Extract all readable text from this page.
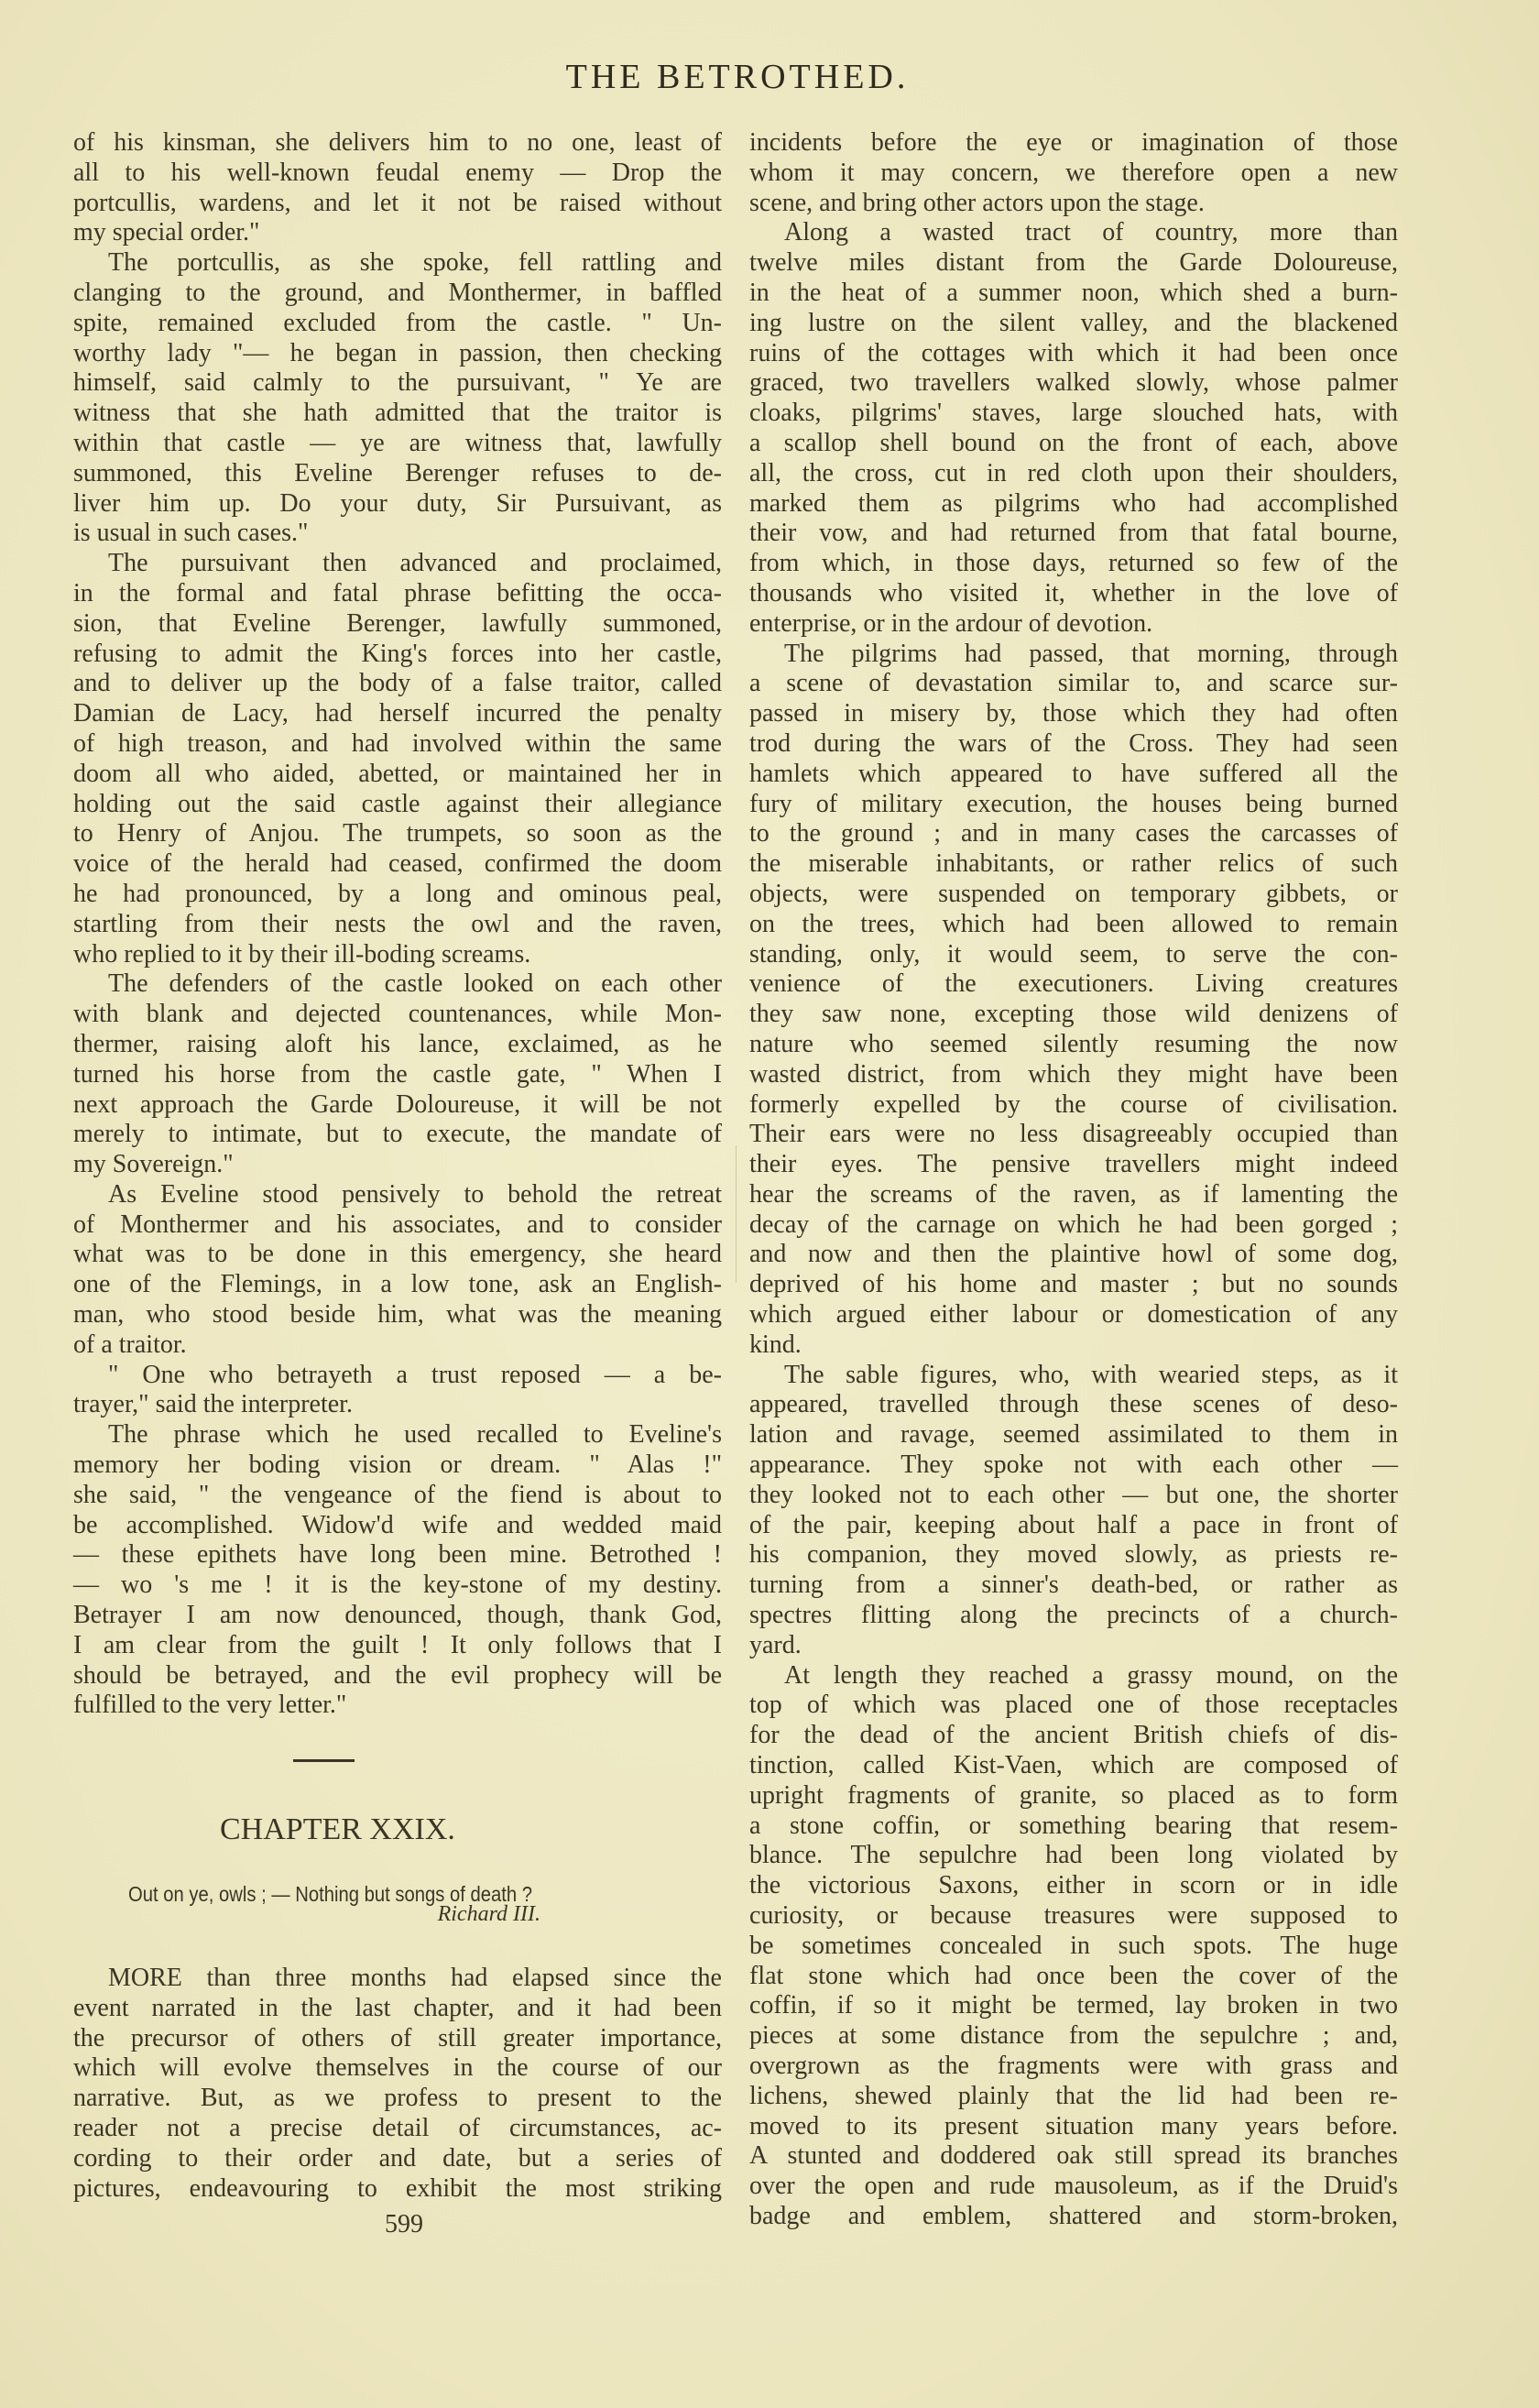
THE BETROTHED.
of his kinsman, she delivers him to no one, least of
all to his well-known feudal enemy — Drop the
portcullis, wardens, and let it not be raised without
my special order."
The portcullis, as she spoke, fell rattling and
clanging to the ground, and Monthermer, in baffled
spite, remained excluded from the castle. " Un-
worthy lady "— he began in passion, then checking
himself, said calmly to the pursuivant, " Ye are
witness that she hath admitted that the traitor is
within that castle — ye are witness that, lawfully
summoned, this Eveline Berenger refuses to de-
liver him up. Do your duty, Sir Pursuivant, as
is usual in such cases."
The pursuivant then advanced and proclaimed,
in the formal and fatal phrase befitting the occa-
sion, that Eveline Berenger, lawfully summoned,
refusing to admit the King's forces into her castle,
and to deliver up the body of a false traitor, called
Damian de Lacy, had herself incurred the penalty
of high treason, and had involved within the same
doom all who aided, abetted, or maintained her in
holding out the said castle against their allegiance
to Henry of Anjou. The trumpets, so soon as the
voice of the herald had ceased, confirmed the doom
he had pronounced, by a long and ominous peal,
startling from their nests the owl and the raven,
who replied to it by their ill-boding screams.
The defenders of the castle looked on each other
with blank and dejected countenances, while Mon-
thermer, raising aloft his lance, exclaimed, as he
turned his horse from the castle gate, " When I
next approach the Garde Doloureuse, it will be not
merely to intimate, but to execute, the mandate of
my Sovereign."
As Eveline stood pensively to behold the retreat
of Monthermer and his associates, and to consider
what was to be done in this emergency, she heard
one of the Flemings, in a low tone, ask an English-
man, who stood beside him, what was the meaning
of a traitor.
" One who betrayeth a trust reposed — a be-
trayer," said the interpreter.
The phrase which he used recalled to Eveline's
memory her boding vision or dream. " Alas !"
she said, " the vengeance of the fiend is about to
be accomplished. Widow'd wife and wedded maid
— these epithets have long been mine. Betrothed !
— wo 's me ! it is the key-stone of my destiny.
Betrayer I am now denounced, though, thank God,
I am clear from the guilt ! It only follows that I
should be betrayed, and the evil prophecy will be
fulfilled to the very letter."
CHAPTER XXIX.
Out on ye, owls ; — Nothing but songs of death ?
Richard III.
MORE than three months had elapsed since the
event narrated in the last chapter, and it had been
the precursor of others of still greater importance,
which will evolve themselves in the course of our
narrative. But, as we profess to present to the
reader not a precise detail of circumstances, ac-
cording to their order and date, but a series of
pictures, endeavouring to exhibit the most striking
incidents before the eye or imagination of those
whom it may concern, we therefore open a new
scene, and bring other actors upon the stage.
Along a wasted tract of country, more than
twelve miles distant from the Garde Doloureuse,
in the heat of a summer noon, which shed a burn-
ing lustre on the silent valley, and the blackened
ruins of the cottages with which it had been once
graced, two travellers walked slowly, whose palmer
cloaks, pilgrims' staves, large slouched hats, with
a scallop shell bound on the front of each, above
all, the cross, cut in red cloth upon their shoulders,
marked them as pilgrims who had accomplished
their vow, and had returned from that fatal bourne,
from which, in those days, returned so few of the
thousands who visited it, whether in the love of
enterprise, or in the ardour of devotion.
The pilgrims had passed, that morning, through
a scene of devastation similar to, and scarce sur-
passed in misery by, those which they had often
trod during the wars of the Cross. They had seen
hamlets which appeared to have suffered all the
fury of military execution, the houses being burned
to the ground ; and in many cases the carcasses of
the miserable inhabitants, or rather relics of such
objects, were suspended on temporary gibbets, or
on the trees, which had been allowed to remain
standing, only, it would seem, to serve the con-
venience of the executioners. Living creatures
they saw none, excepting those wild denizens of
nature who seemed silently resuming the now
wasted district, from which they might have been
formerly expelled by the course of civilisation.
Their ears were no less disagreeably occupied than
their eyes. The pensive travellers might indeed
hear the screams of the raven, as if lamenting the
decay of the carnage on which he had been gorged ;
and now and then the plaintive howl of some dog,
deprived of his home and master ; but no sounds
which argued either labour or domestication of any
kind.
The sable figures, who, with wearied steps, as it
appeared, travelled through these scenes of deso-
lation and ravage, seemed assimilated to them in
appearance. They spoke not with each other —
they looked not to each other — but one, the shorter
of the pair, keeping about half a pace in front of
his companion, they moved slowly, as priests re-
turning from a sinner's death-bed, or rather as
spectres flitting along the precincts of a church-
yard.
At length they reached a grassy mound, on the
top of which was placed one of those receptacles
for the dead of the ancient British chiefs of dis-
tinction, called Kist-Vaen, which are composed of
upright fragments of granite, so placed as to form
a stone coffin, or something bearing that resem-
blance. The sepulchre had been long violated by
the victorious Saxons, either in scorn or in idle
curiosity, or because treasures were supposed to
be sometimes concealed in such spots. The huge
flat stone which had once been the cover of the
coffin, if so it might be termed, lay broken in two
pieces at some distance from the sepulchre ; and,
overgrown as the fragments were with grass and
lichens, shewed plainly that the lid had been re-
moved to its present situation many years before.
A stunted and doddered oak still spread its branches
over the open and rude mausoleum, as if the Druid's
badge and emblem, shattered and storm-broken,
599
